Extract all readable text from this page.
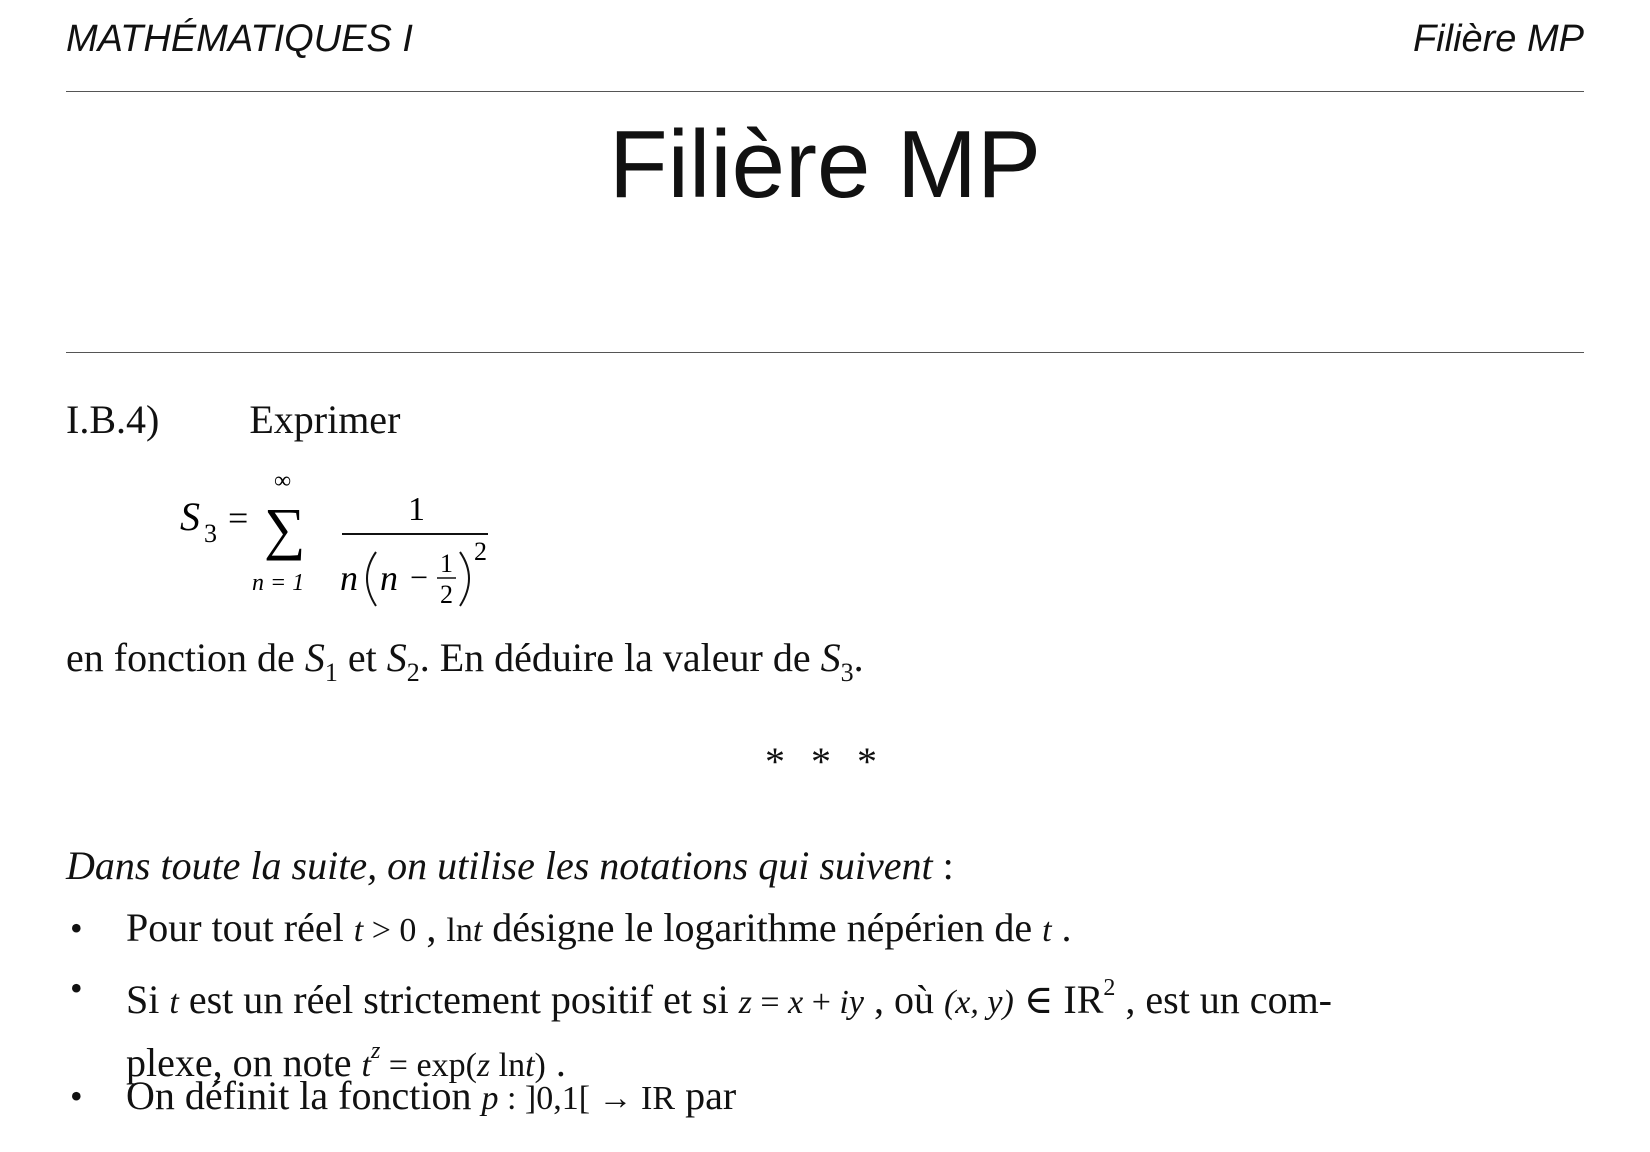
MATHÉMATIQUES I	Filière MP
Filière MP
I.B.4) Exprimer
S 3 =
∞
∑
n = 1
1
n n − 1
2
2
en fonction de $S_1$ et $S_2$. En déduire la valeur de $S_3$.
* * *
Dans toute la suite, on utilise les notations qui suivent :
• Pour tout réel t > 0 , lnt désigne le logarithme népérien de t .
• Si t est un réel strictement positif et si z = x + iy , où (x, y) ∈ $IR^2$ , est un com-
plexe, on note $t^z = \exp(z$ lnt) .
• On définit la fonction p : ]0,1[ → IR par
